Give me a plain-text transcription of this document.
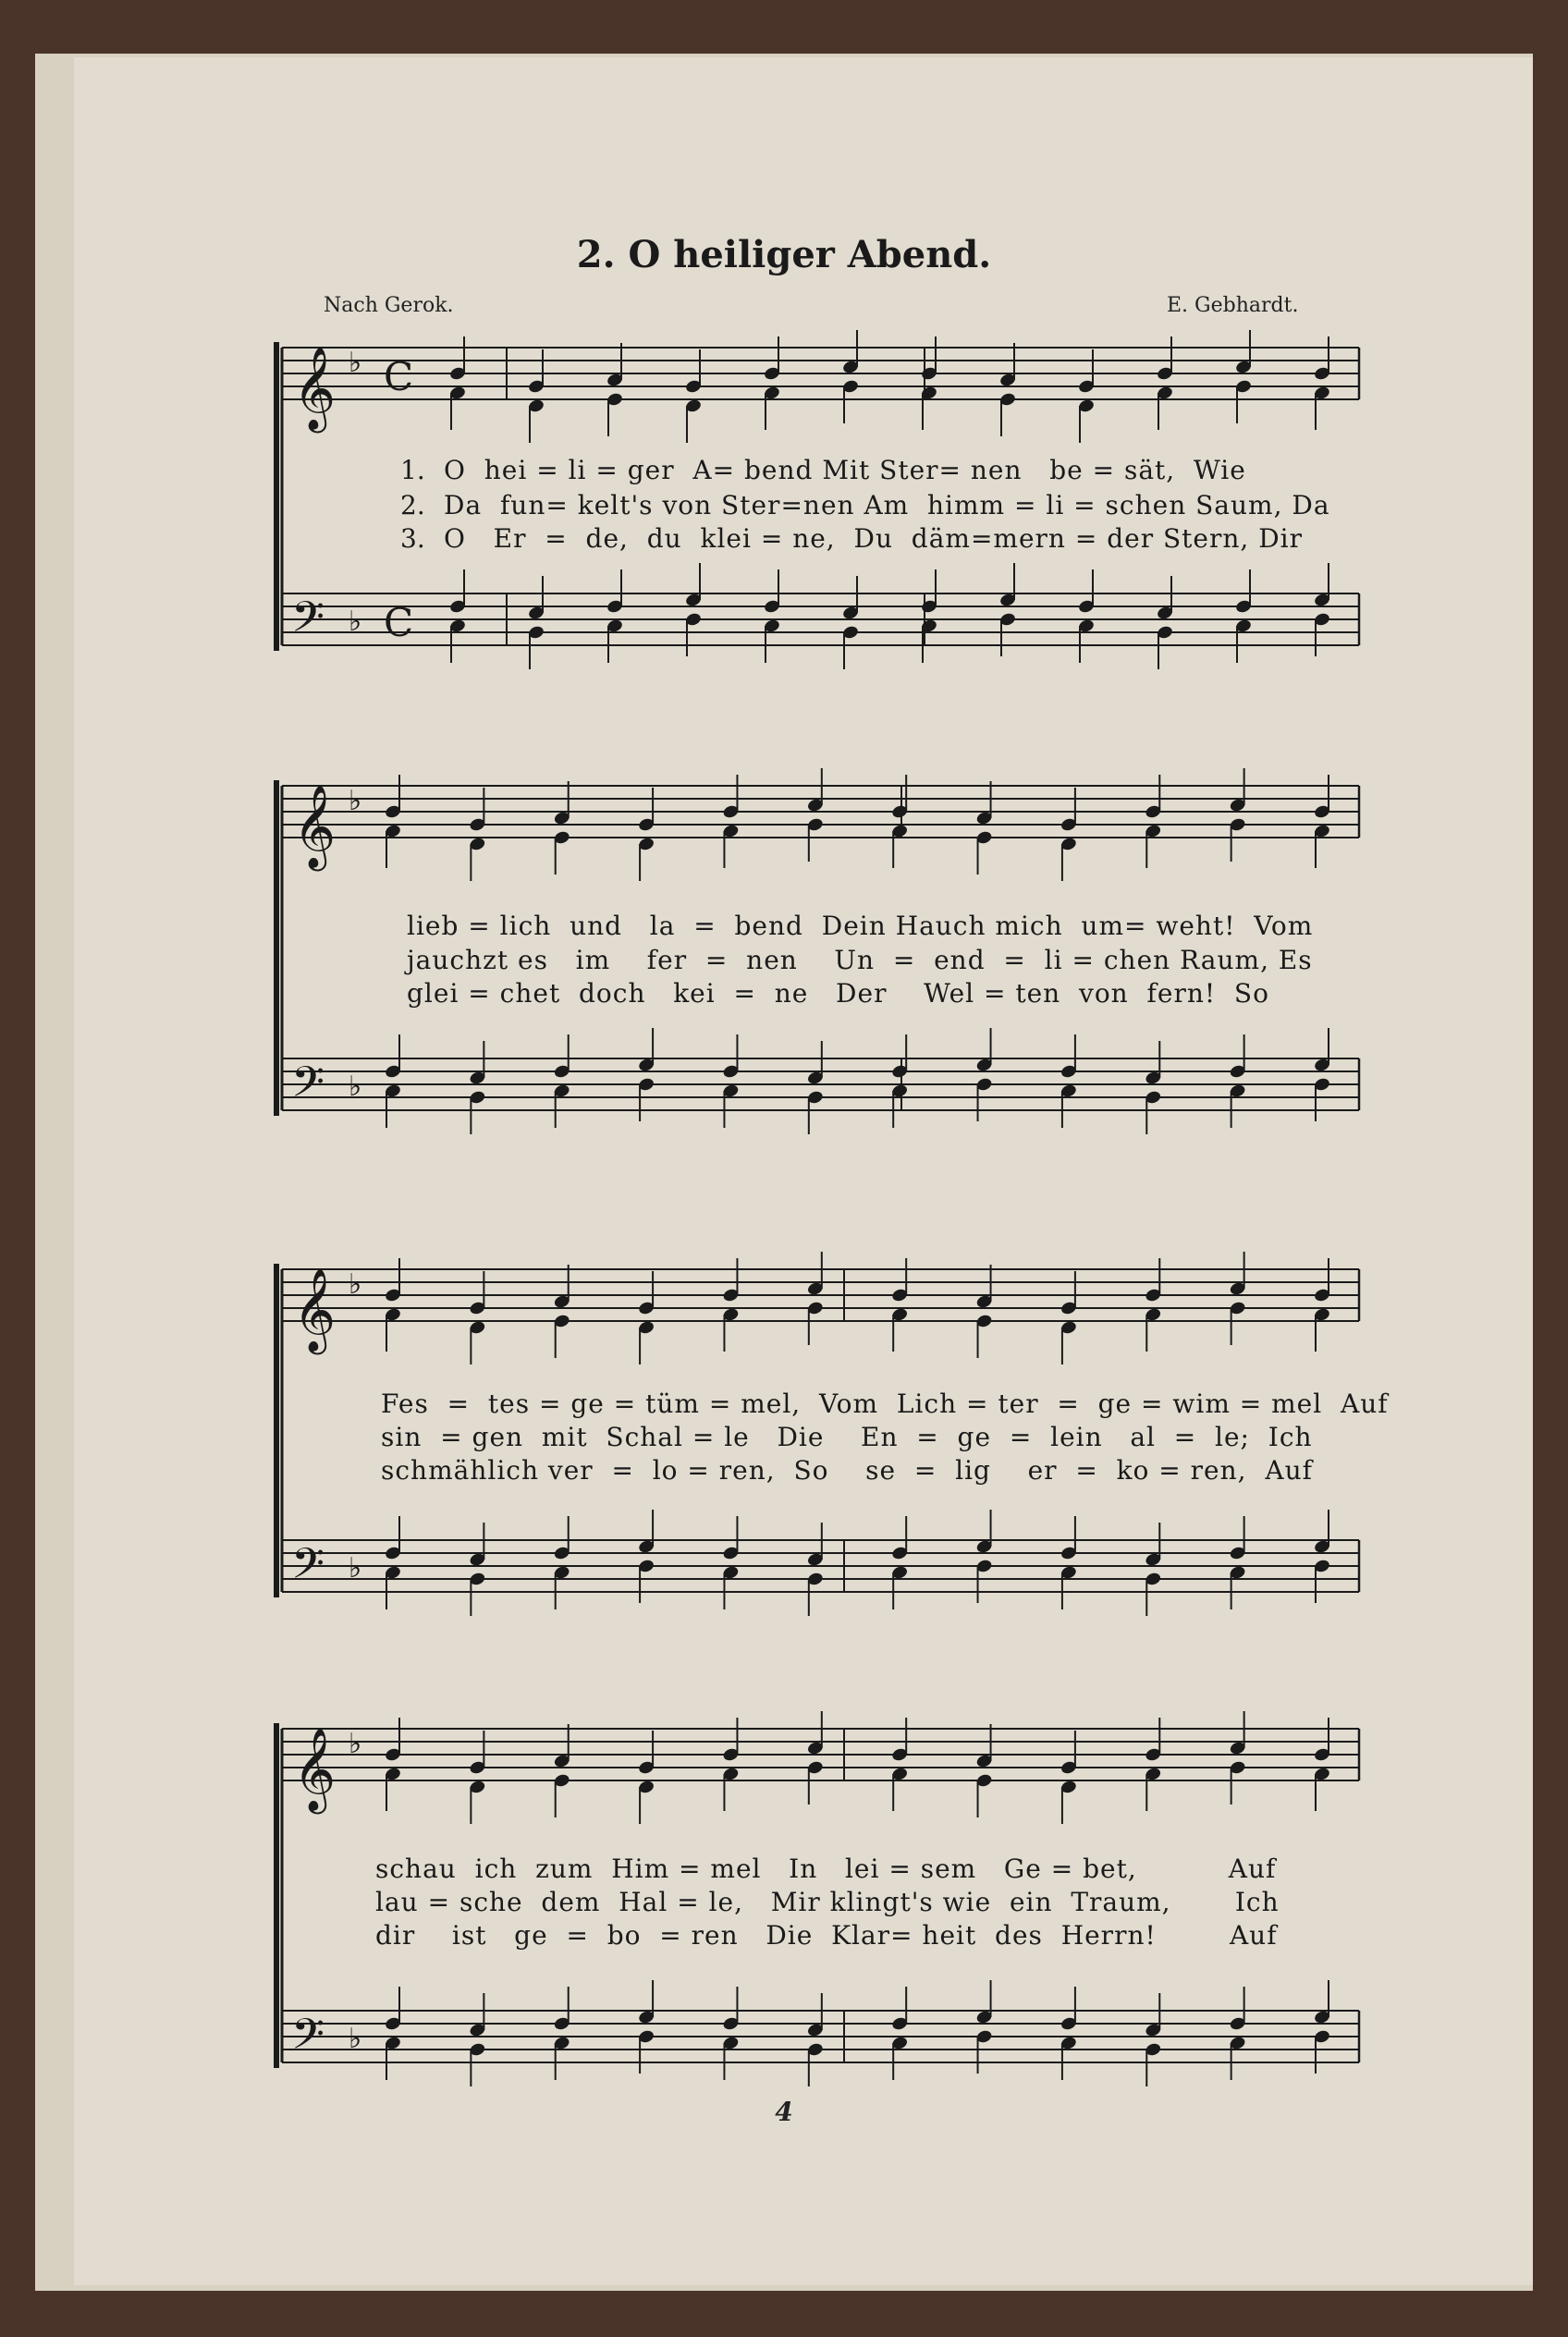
2. O heiliger Abend.
Nach Gerok.	E. Gebhardt.
𝄞 ♭ C
𝄢 ♭ C
𝄞 ♭
𝄢 ♭
𝄞 ♭
𝄢 ♭
𝄞 ♭
𝄢 ♭
1.
2.
3.
O  hei = li = ger  A= bend Mit Ster= nen   be = sät,  Wie
Da  fun= kelt's von Ster=nen Am  himm = li = schen Saum, Da
O   Er  =  de,  du  klei = ne,  Du  däm=mern = der Stern, Dir
lieb = lich  und   la  =  bend  Dein Hauch mich  um= weht!  Vom
jauchzt es   im    fer  =  nen    Un  =  end  =  li = chen Raum, Es
glei = chet  doch   kei  =  ne   Der    Wel = ten  von  fern!  So
Fes  =  tes = ge = tüm = mel,  Vom  Lich = ter  =  ge = wim = mel  Auf
sin  = gen  mit  Schal = le   Die    En  =  ge  =  lein   al  =  le;  Ich
schmählich ver  =  lo = ren,  So    se  =  lig    er  =  ko = ren,  Auf
schau  ich  zum  Him = mel   In   lei = sem   Ge = bet,          Auf
lau = sche  dem  Hal = le,   Mir klingt's wie  ein  Traum,       Ich
dir    ist   ge  =  bo  = ren   Die  Klar= heit  des  Herrn!        Auf
4
